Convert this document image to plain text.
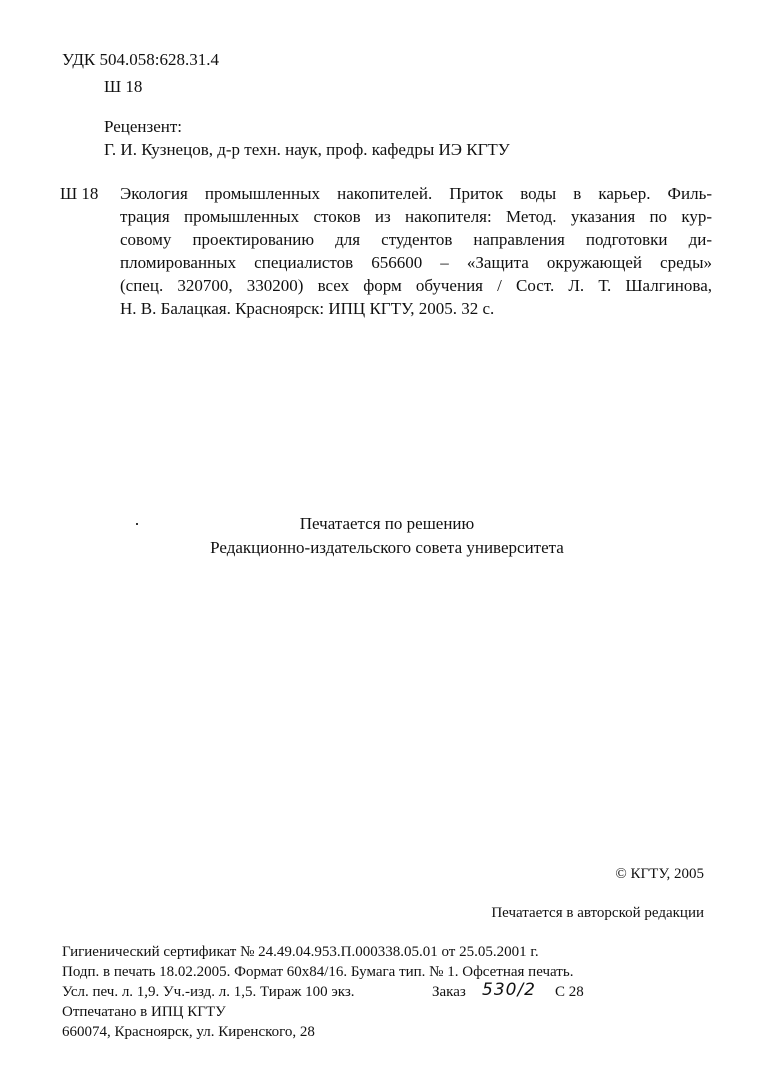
УДК 504.058:628.31.4
Ш 18
Рецензент:
Г. И. Кузнецов, д-р техн. наук, проф. кафедры ИЭ КГТУ
Ш 18 Экология промышленных накопителей. Приток воды в карьер. Филь-
трация промышленных стоков из накопителя: Метод. указания по кур-
совому проектированию для студентов направления подготовки ди-
пломированных специалистов 656600 – «Защита окружающей среды»
(спец. 320700, 330200) всех форм обучения / Сост. Л. Т. Шалгинова,
Н. В. Балацкая. Красноярск: ИПЦ КГТУ, 2005. 32 с.
Печатается по решению
Редакционно-издательского совета университета
© КГТУ, 2005
Печатается в авторской редакции
Гигиенический сертификат № 24.49.04.953.П.000338.05.01 от 25.05.2001 г.
Подп. в печать 18.02.2005. Формат 60х84/16. Бумага тип. № 1. Офсетная печать.
Усл. печ. л. 1,9. Уч.-изд. л. 1,5. Тираж 100 экз.	Заказ 530/2 С 28
Отпечатано в ИПЦ КГТУ
660074, Красноярск, ул. Киренского, 28
